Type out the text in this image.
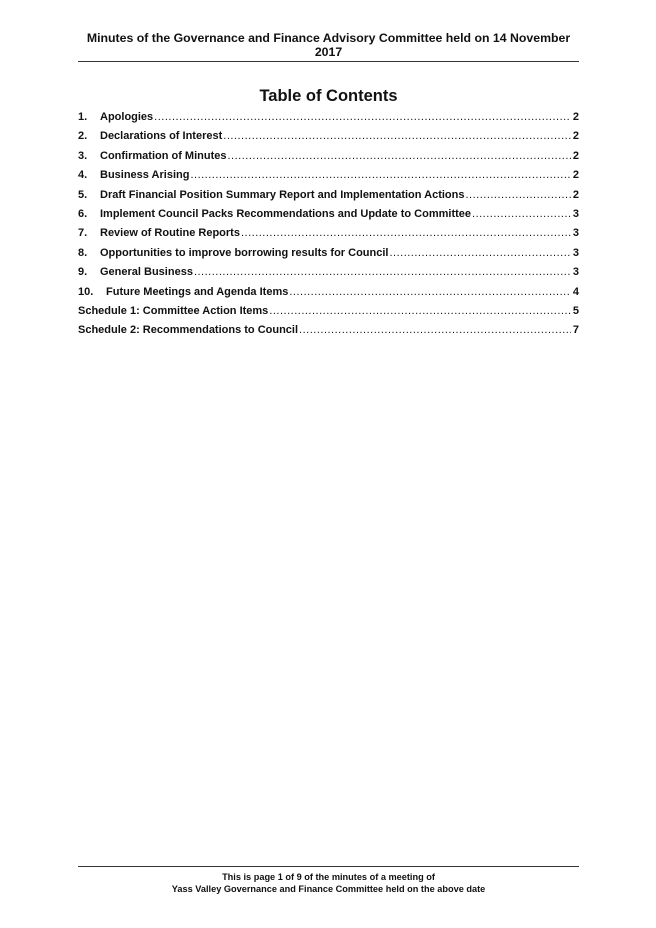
Minutes of the Governance and Finance Advisory Committee held on 14 November
2017
Table of Contents
1.	Apologies .....	2
2.	Declarations of Interest .....	2
3.	Confirmation of Minutes .....	2
4.	Business Arising .....	2
5.	Draft Financial Position Summary Report and Implementation Actions .....	2
6.	Implement Council Packs Recommendations and Update to Committee .....	3
7.	Review of Routine Reports .....	3
8.	Opportunities to improve borrowing results for Council .....	3
9.	General Business .....	3
10.	Future Meetings and Agenda Items .....	4
Schedule 1: Committee Action Items .....	5
Schedule 2: Recommendations to Council .....	7
This is page 1 of 9 of the minutes of a meeting of
Yass Valley Governance and Finance Committee held on the above date
